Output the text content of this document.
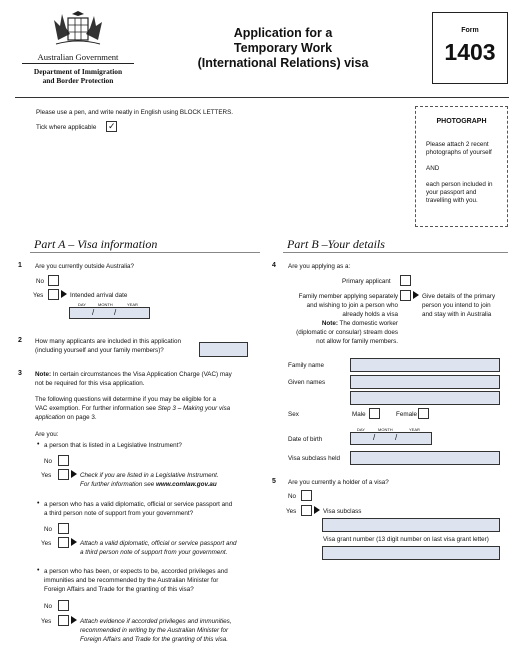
Australian Government
Department of Immigration
and Border Protection
Application for a
Temporary Work
(International Relations) visa
Form
1403
Please use a pen, and write neatly in English using BLOCK LETTERS.
Tick where applicable ✓	PHOTOGRAPH
Please attach 2 recent
photographs of yourself
AND
each person included in
your passport and
travelling with you.
Part A – Visa information
1 Are you currently outside Australia?
No
Yes	Intended arrival date
DAY	MONTH	YEAR
/ /
2 How many applicants are included in this application
(including yourself and your family members)?
3 Note: In certain circumstances the Visa Application Charge (VAC) may
not be required for this visa application.
The following questions will determine if you may be eligible for a
VAC exemption. For further information see Step 3 – Making your visa
application on page 3.
Are you:
• a person that is listed in a Legislative Instrument?
No
Yes	Check if you are listed in a Legislative Instrument.
For further information see www.comlaw.gov.au
• a person who has a valid diplomatic, official or service passport and
a third person note of support from your government?
No
Yes	Attach a valid diplomatic, official or service passport and
a third person note of support from your government.
• a person who has been, or expects to be, accorded privileges and
immunities and be recommended by the Australian Minister for
Foreign Affairs and Trade for the granting of this visa?
No
Yes	Attach evidence if accorded privileges and immunities,
recommended in writing by the Australian Minister for
Foreign Affairs and Trade for the granting of this visa.
Part B –Your details
4 Are you applying as a:
Primary applicant
Family member applying separately
and wishing to join a person who
already holds a visa
Note: The domestic worker
(diplomatic or consular) stream does
not allow for family members.
Give details of the primary
person you intend to join
and stay with in Australia
Family name
Given names
Sex	Male	Female
DAY	MONTH	YEAR
Date of birth	/ /
Visa subclass held
5 Are you currently a holder of a visa?
No
Yes	Visa subclass
Visa grant number (13 digit number on last visa grant letter)
